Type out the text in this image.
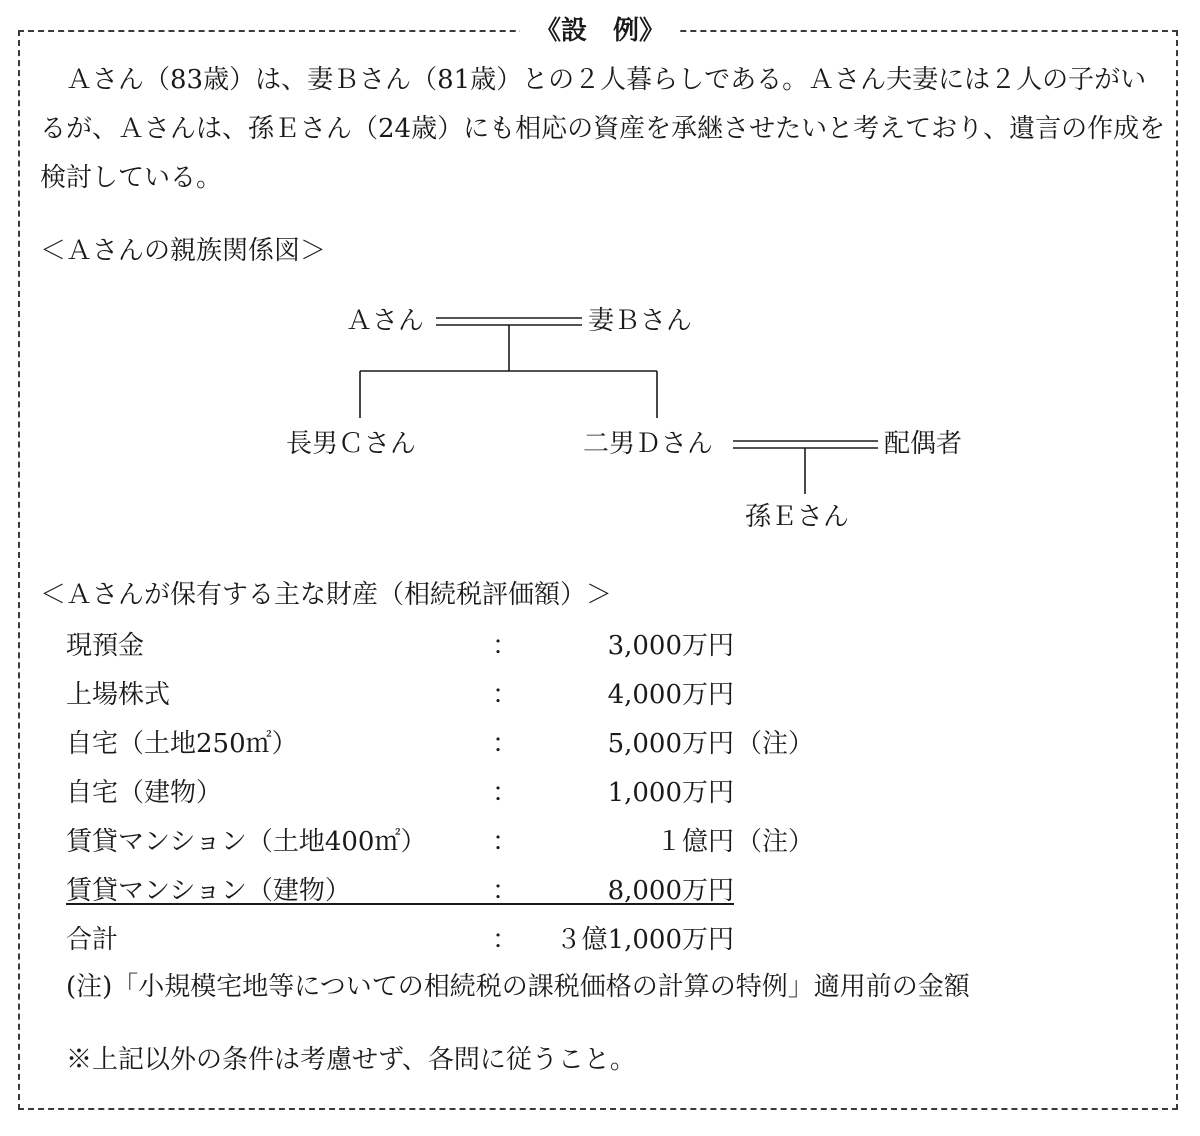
《設　例》

Ａさん（83歳）は、妻Ｂさん（81歳）との２人暮らしである。Ａさん夫妻には２人の子がいるが、Ａさんは、孫Ｅさん（24歳）にも相応の資産を承継させたいと考えており、遺言の作成を検討している。

＜Ａさんの親族関係図＞
Ａさん	妻Ｂさん
長男Ｃさん	二男Ｄさん	配偶者
孫Ｅさん
＜Ａさんが保有する主な財産（相続税評価額）＞
現預金	：	3,000万円
上場株式	：	4,000万円
自宅（土地250㎡）	：	5,000万円 （注）
自宅（建物）	：	1,000万円
賃貸マンション（土地400㎡）	：	１億円 （注）
賃貸マンション（建物）	：	8,000万円
合計	：	３億1,000万円
(注)「小規模宅地等についての相続税の課税価格の計算の特例」適用前の金額
※上記以外の条件は考慮せず、各問に従うこと。
